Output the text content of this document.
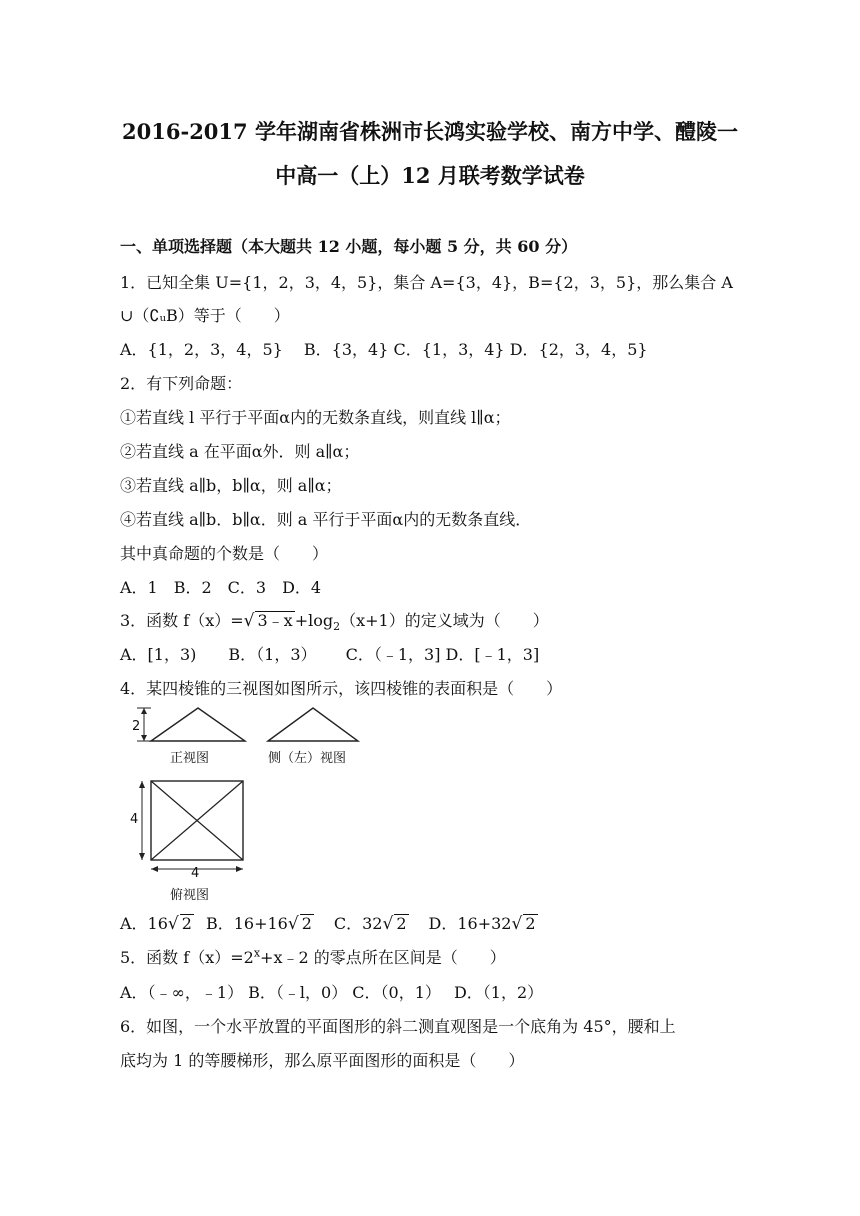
2016-2017 学年湖南省株洲市长鸿实验学校、南方中学、醴陵一
中高一（上）12 月联考数学试卷
一、单项选择题（本大题共 12 小题，每小题 5 分，共 60 分）
1．已知全集 U={1，2，3，4，5}，集合 A={3，4}，B={2，3，5}，那么集合 A
∪（∁ᵤB）等于（　　）
A．{1，2，3，4，5}　 B．{3，4} C．{1，3，4} D．{2，3，4，5}
2．有下列命题：
①若直线 l 平行于平面α内的无数条直线，则直线 l∥α；
②若直线 a 在平面α外．则 a∥α；
③若直线 a∥b，b∥α，则 a∥α；
④若直线 a∥b．b∥α．则 a 平行于平面α内的无数条直线．
其中真命题的个数是（　　）
A．1　B．2　C．3　D．4
3．函数 f（x）=√ 3﹣x $+\log_2(x+1)$的定义域为（　　）
A．[1，3)　　B．（1，3）　　 C．（﹣1，3] D．[﹣1，3]
4．某四棱锥的三视图如图所示，该四棱锥的表面积是（　　）
2
正视图	侧（左）视图
4
4
俯视图
A．16√ 2 B．16+16√ 2 C．32√ 2 D．16+32√ 2
5．函数 $f(x)=2^x+x﹣2$ 的零点所在区间是（　　）
A．（﹣∞，﹣1） B．（﹣l，0） C．（0，1）　 D．（1，2）
6．如图，一个水平放置的平面图形的斜二测直观图是一个底角为 45°，腰和上
底均为 1 的等腰梯形，那么原平面图形的面积是（　　）
